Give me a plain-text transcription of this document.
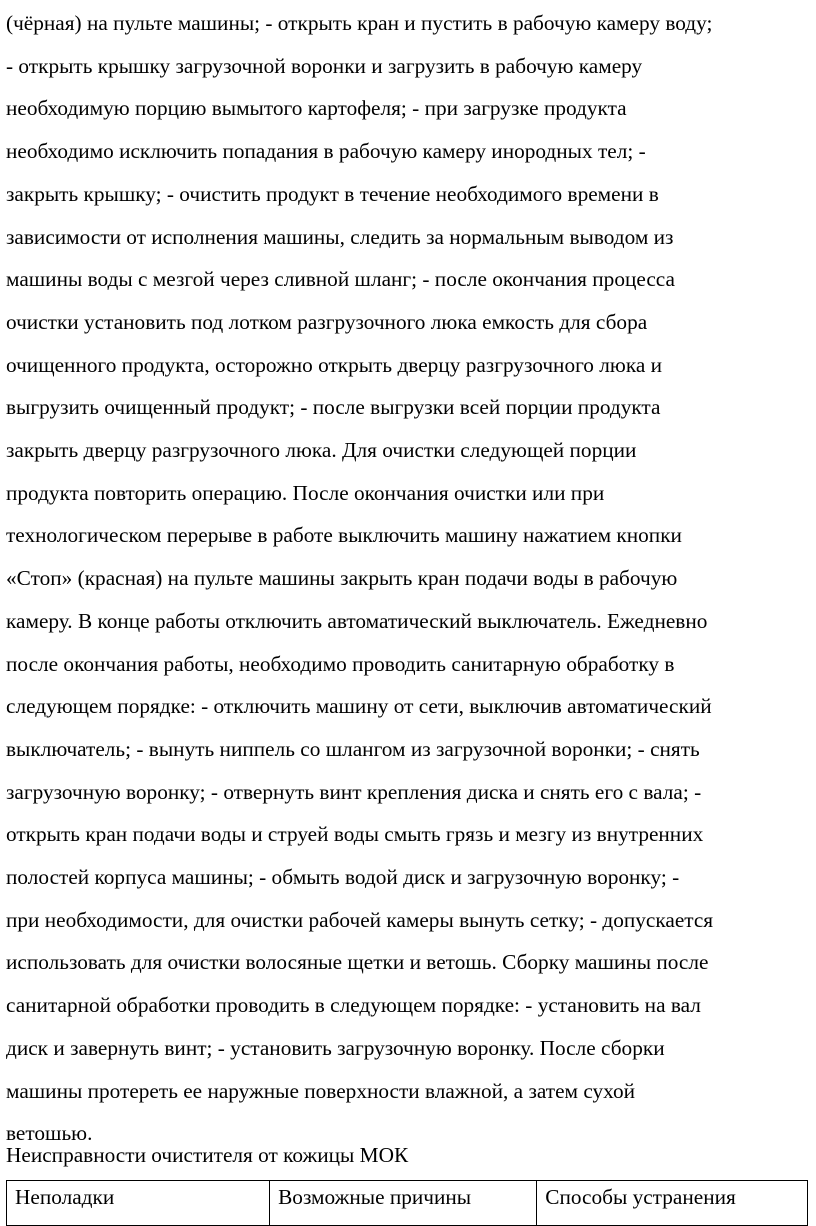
(чёрная) на пульте машины; - открыть кран и пустить в рабочую камеру воду;
- открыть крышку загрузочной воронки и загрузить в рабочую камеру
необходимую порцию вымытого картофеля; - при загрузке продукта
необходимо исключить попадания в рабочую камеру инородных тел; -
закрыть крышку; - очистить продукт в течение необходимого времени в
зависимости от исполнения машины, следить за нормальным выводом из
машины воды с мезгой через сливной шланг; - после окончания процесса
очистки установить под лотком разгрузочного люка емкость для сбора
очищенного продукта, осторожно открыть дверцу разгрузочного люка и
выгрузить очищенный продукт; - после выгрузки всей порции продукта
закрыть дверцу разгрузочного люка. Для очистки следующей порции
продукта повторить операцию. После окончания очистки или при
технологическом перерыве в работе выключить машину нажатием кнопки
«Стоп» (красная) на пульте машины закрыть кран подачи воды в рабочую
камеру. В конце работы отключить автоматический выключатель. Ежедневно
после окончания работы, необходимо проводить санитарную обработку в
следующем порядке: - отключить машину от сети, выключив автоматический
выключатель; - вынуть ниппель со шлангом из загрузочной воронки; - снять
загрузочную воронку; - отвернуть винт крепления диска и снять его с вала; -
открыть кран подачи воды и струей воды смыть грязь и мезгу из внутренних
полостей корпуса машины; - обмыть водой диск и загрузочную воронку; -
при необходимости, для очистки рабочей камеры вынуть сетку; - допускается
использовать для очистки волосяные щетки и ветошь. Сборку машины после
санитарной обработки проводить в следующем порядке: - установить на вал
диск и завернуть винт; - установить загрузочную воронку. После сборки
машины протереть ее наружные поверхности влажной, а затем сухой
ветошью.

Неисправности очистителя от кожицы МОК

Неполадки	Возможные причины	Способы устранения
